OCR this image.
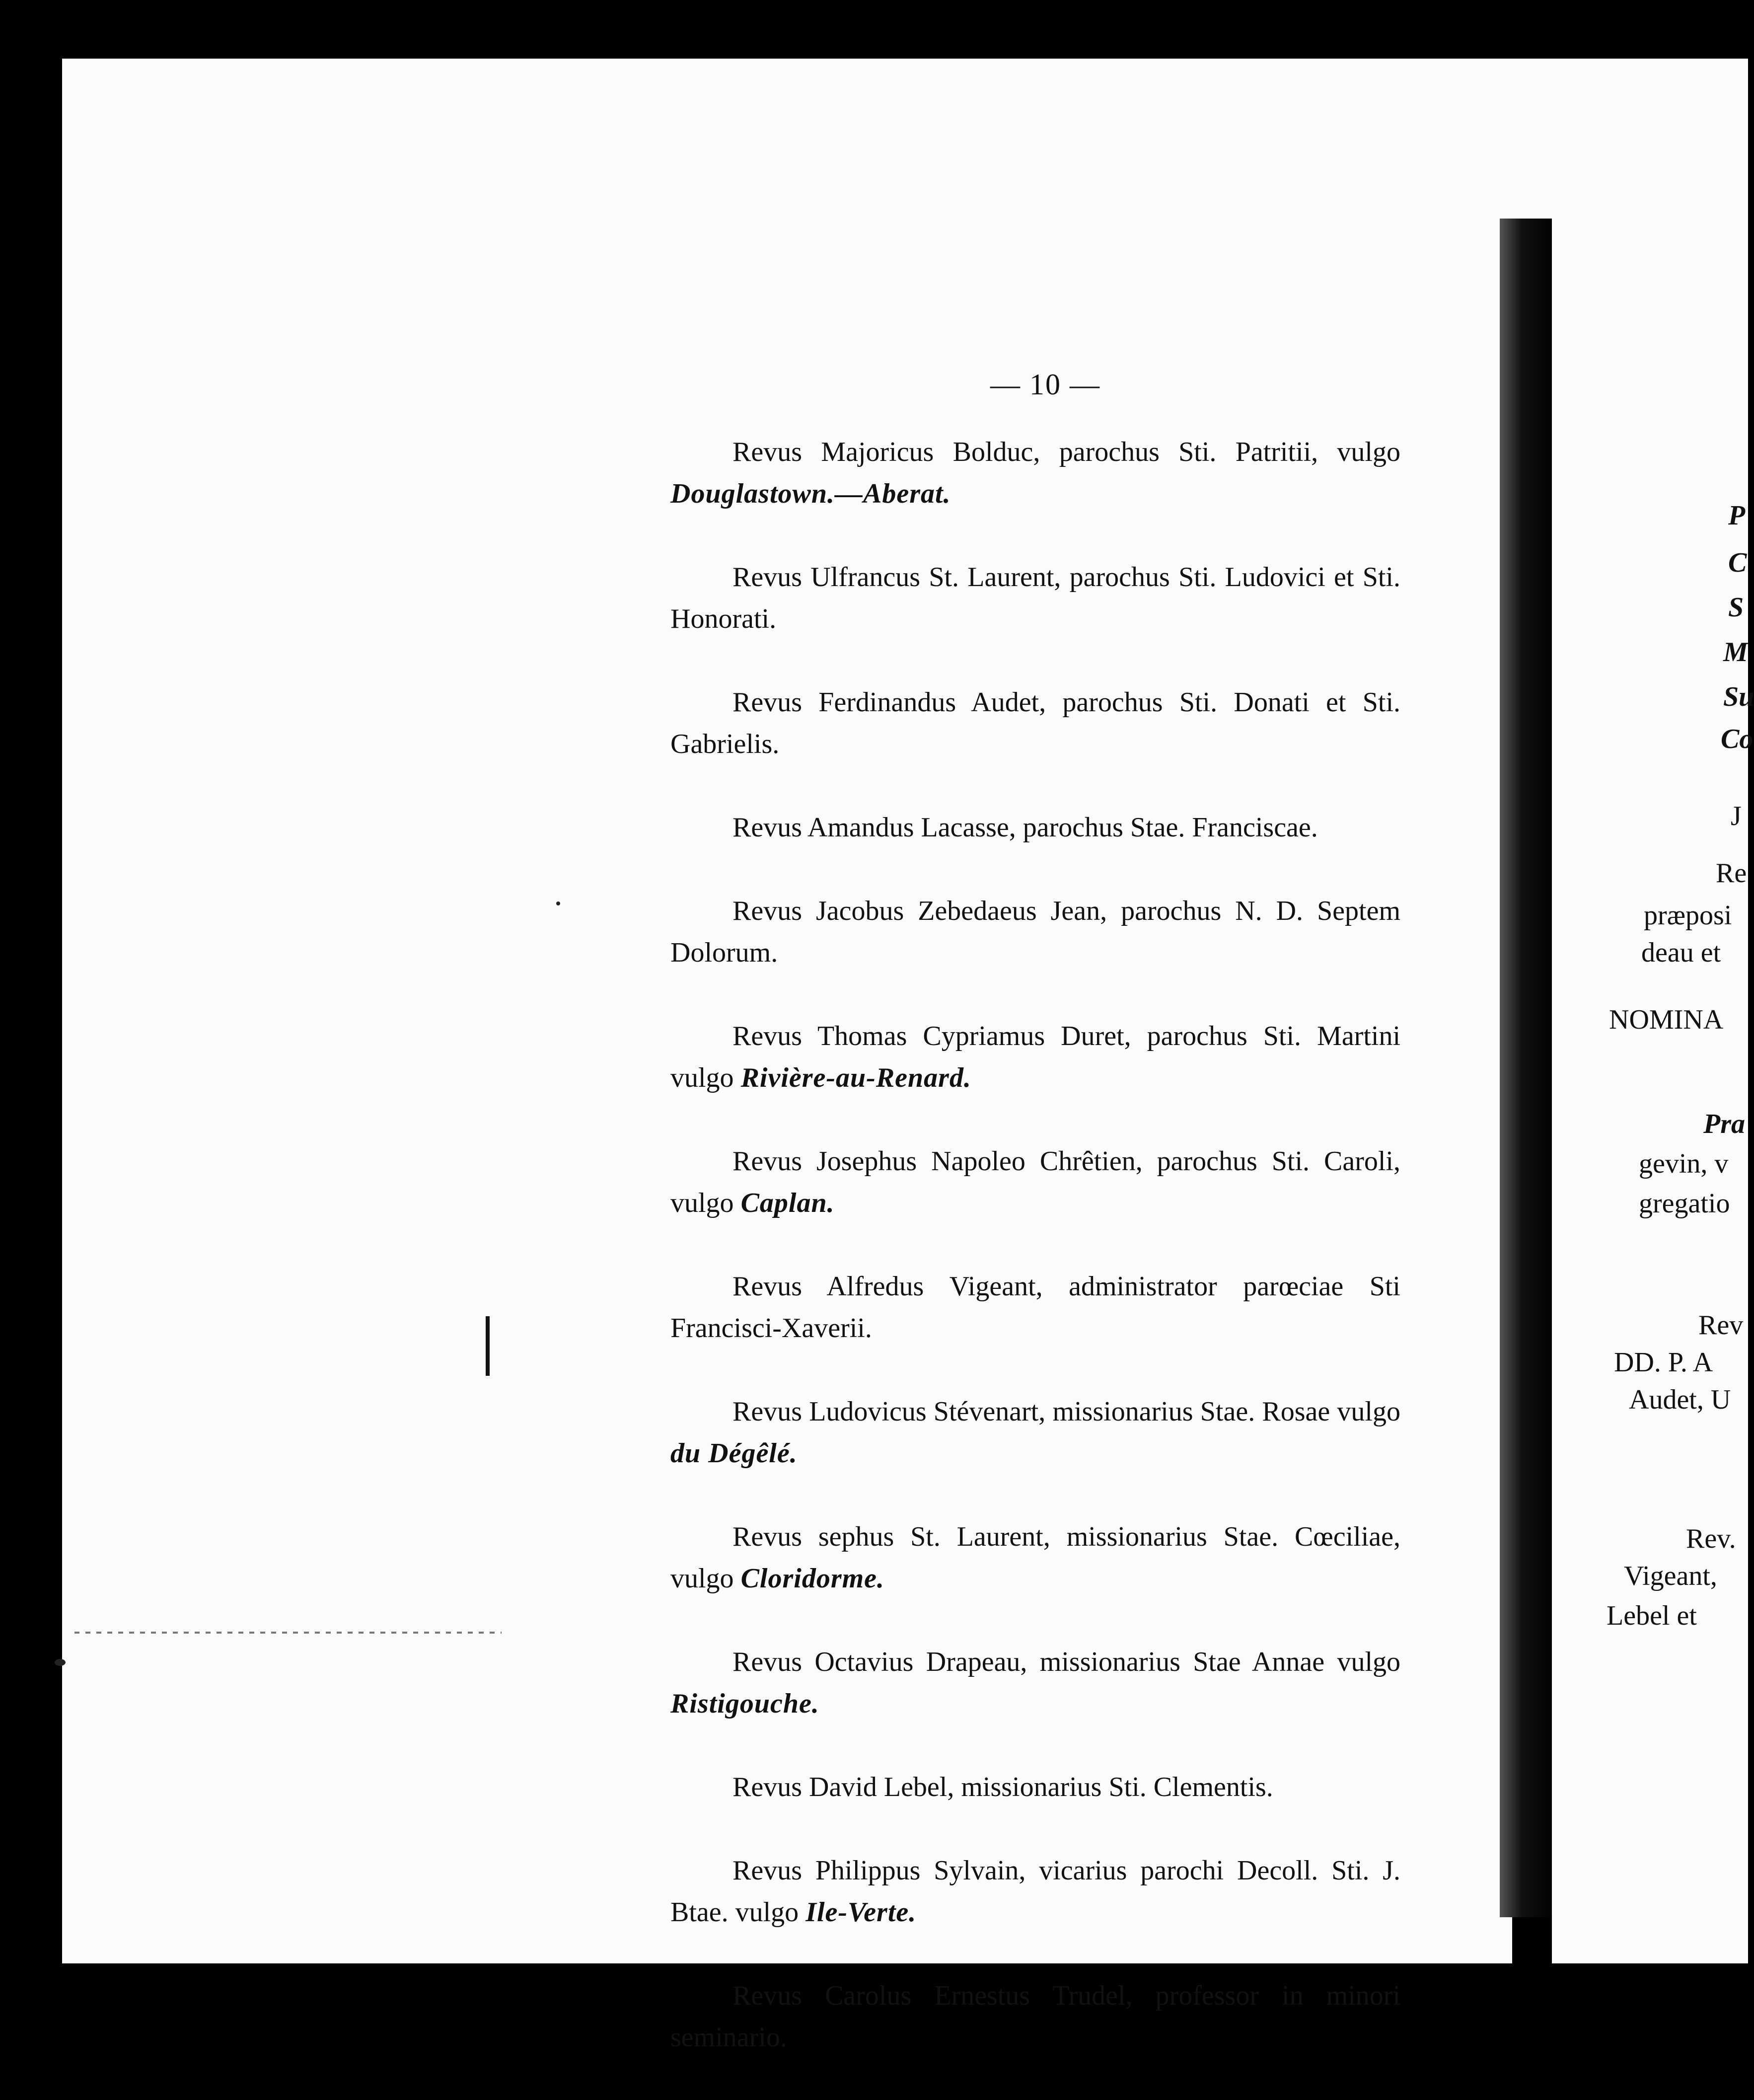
— 10 —
Revus Majoricus Bolduc, parochus Sti. Patritii, vulgo Douglastown.—Aberat.
Revus Ulfrancus St. Laurent, parochus Sti. Ludovici et Sti. Honorati.
Revus Ferdinandus Audet, parochus Sti. Donati et Sti. Gabrielis.
Revus Amandus Lacasse, parochus Stae. Franciscae.
Revus Jacobus Zebedaeus Jean, parochus N. D. Septem Dolorum.
Revus Thomas Cypriamus Duret, parochus Sti. Martini vulgo Rivière-au-Renard.
Revus Josephus Napoleo Chrêtien, parochus Sti. Caroli, vulgo Caplan.
Revus Alfredus Vigeant, administrator parœciae Sti Francisci-Xaverii.
Revus Ludovicus Stévenart, missionarius Stae. Rosae vulgo du Dégêlé.
Revus sephus St. Laurent, missionarius Stae. Cœciliae, vulgo Cloridorme.
Revus Octavius Drapeau, missionarius Stae Annae vulgo Ristigouche.
Revus David Lebel, missionarius Sti. Clementis.
Revus Philippus Sylvain, vicarius parochi Decoll. Sti. J. Btae. vulgo Ile-Verte.
Revus Carolus Ernestus Trudel, professor in minori seminario.
P
C
S
M
Su
Co
J
Re
præposi
deau et
NOMINA
Pra
gevin, v
gregatio
Rev
DD. P. A
Audet, U
Rev.
Vigeant,
Lebel et
